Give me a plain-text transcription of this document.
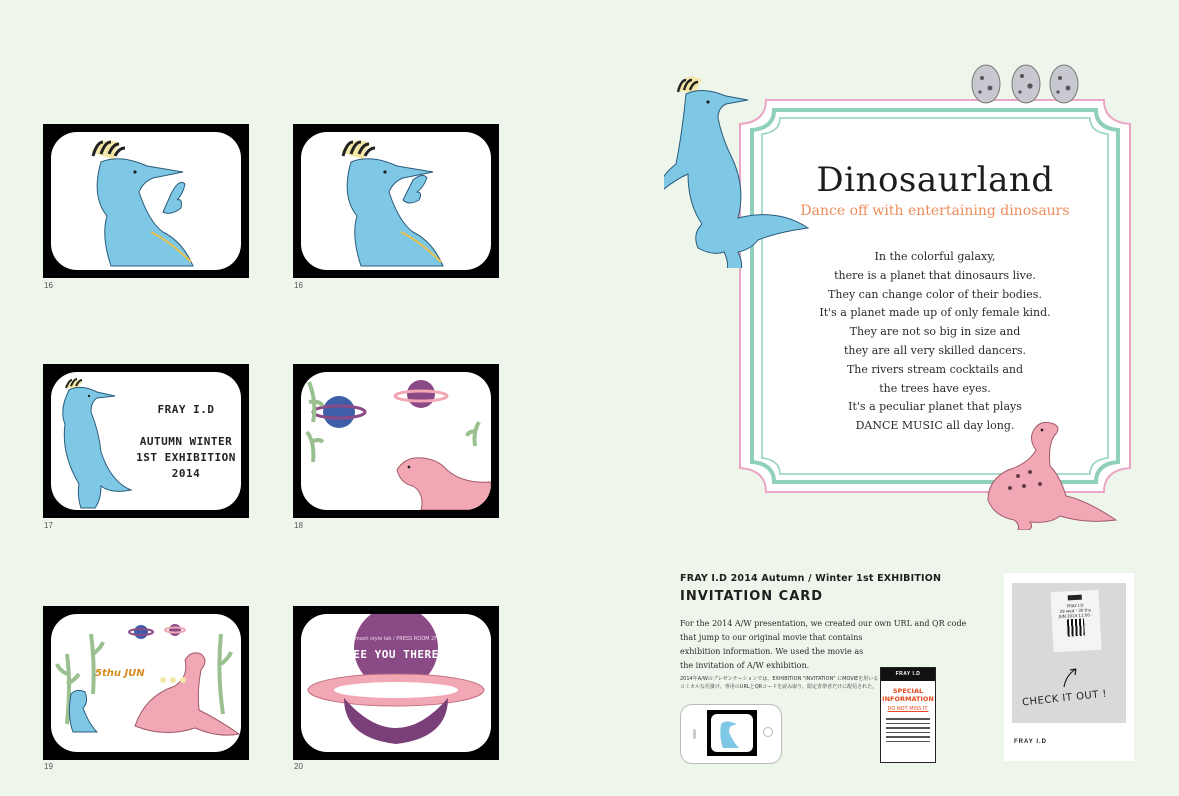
16	16
FRAY I.D

AUTUMN WINTER
1ST EXHIBITION
2014
17	18
5thu JUN
19
mash style lab / PRESS ROOM 2F
SEE YOU THERE!
20
Dinosaurland
Dance off with entertaining dinosaurs
In the colorful galaxy,
there is a planet that dinosaurs live.
They can change color of their bodies.
It's a planet made up of only female kind.
They are not so big in size and
they are all very skilled dancers.
The rivers stream cocktails and
the trees have eyes.
It's a peculiar planet that plays
DANCE MUSIC all day long.
FRAY I.D 2014 Autumn / Winter 1st EXHIBITION
INVITATION CARD
For the 2014 A/W presentation, we created our own URL and QR code
that jump to our original movie that contains
exhibition information. We used the movie as
the invitation of A/W exhibition.
2014年A/Wのプレゼンテーションでは、EXHIBITION "INVITATION" にMOVIEを用いるコミカルな仕掛け。専用のURLとQRコードを読み取り、限定青帯者だけに配信された。
FRAY I.D
SPECIAL INFORMATION
DO NOT MISS IT.
FRAY I.D
29 wed - 30 thu JUN 2014 11:00 -
CHECK IT OUT !
FRAY I.D
